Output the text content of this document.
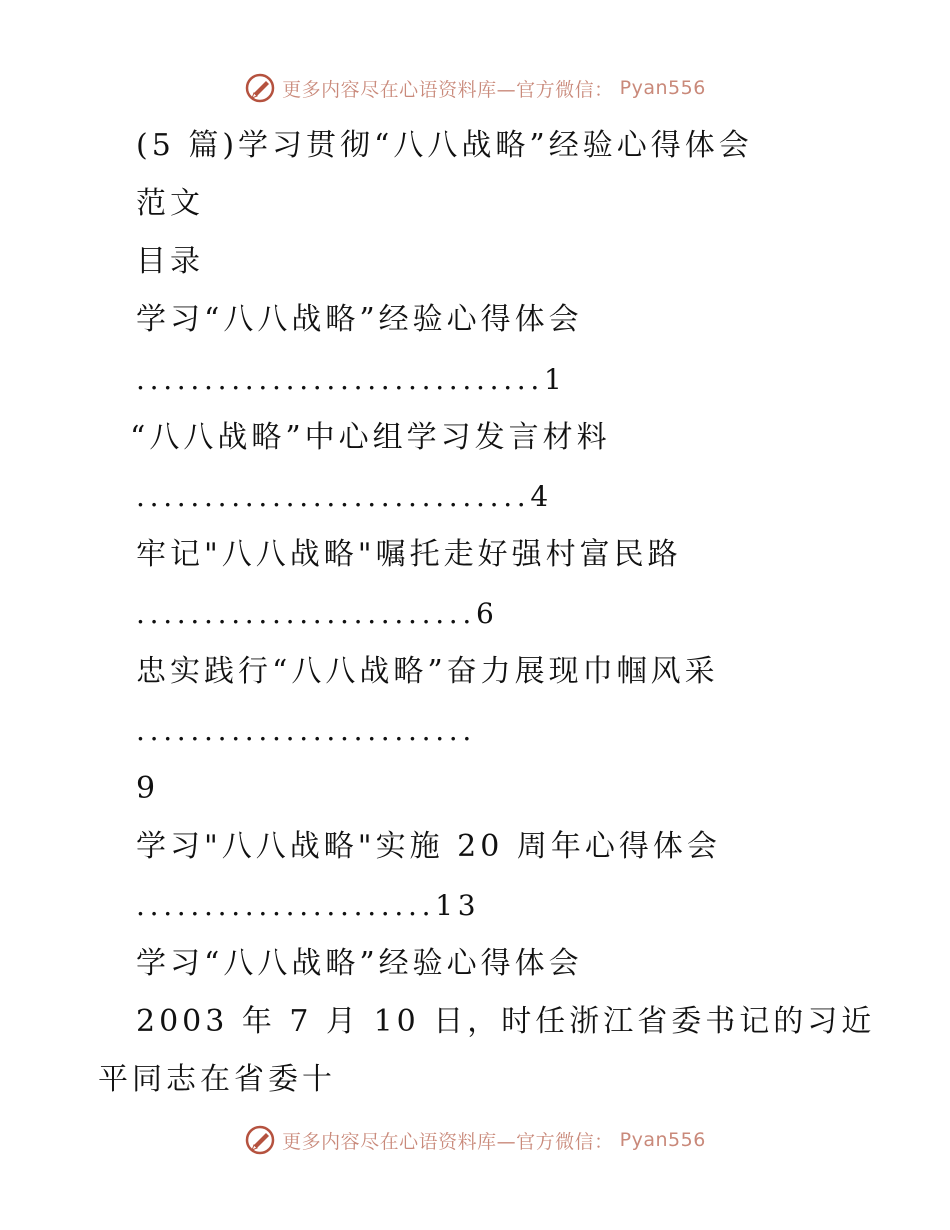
更多内容尽在心语资料库—官方微信： Pyan556
(5 篇)学习贯彻“八八战略”经验心得体会
范文
目录
学习“八八战略”经验心得体会
..............................1
“八八战略”中心组学习发言材料
.............................4
牢记"八八战略"嘱托走好强村富民路
.........................6
忠实践行“八八战略”奋力展现巾帼风采
.........................
9
学习"八八战略"实施 20 周年心得体会
......................13
学习“八八战略”经验心得体会
2003 年 7 月 10 日，时任浙江省委书记的习近
平同志在省委十
更多内容尽在心语资料库—官方微信： Pyan556
